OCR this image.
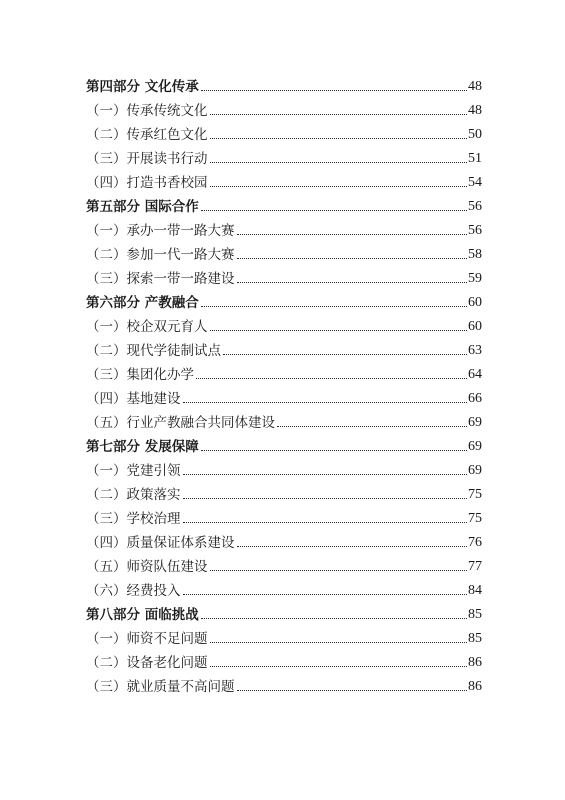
第四部分 文化传承	48
（一）传承传统文化	48
（二）传承红色文化	50
（三）开展读书行动	51
（四）打造书香校园	54
第五部分 国际合作	56
（一）承办一带一路大赛	56
（二）参加一代一路大赛	58
（三）探索一带一路建设	59
第六部分 产教融合	60
（一）校企双元育人	60
（二）现代学徒制试点	63
（三）集团化办学	64
（四）基地建设	66
（五）行业产教融合共同体建设	69
第七部分 发展保障	69
（一）党建引领	69
（二）政策落实	75
（三）学校治理	75
（四）质量保证体系建设	76
（五）师资队伍建设	77
（六）经费投入	84
第八部分 面临挑战	85
（一）师资不足问题	85
（二）设备老化问题	86
（三）就业质量不高问题	86
